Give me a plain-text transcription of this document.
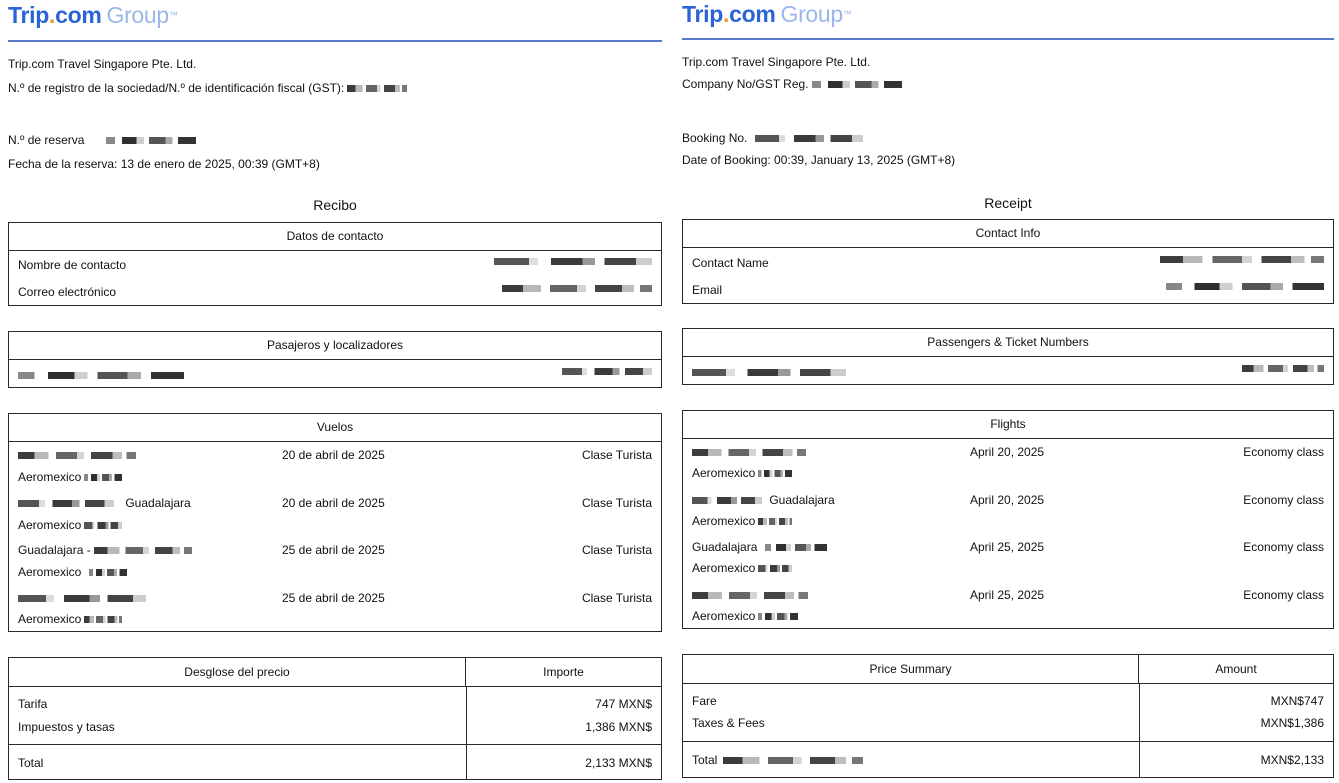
Trip.com Group™
Trip.com Travel Singapore Pte. Ltd.
N.º de registro de la sociedad/N.º de identificación fiscal (GST):
N.º de reserva
Fecha de la reserva: 13 de enero de 2025, 00:39 (GMT+8)
Recibo
Datos de contacto
Nombre de contacto
Correo electrónico
Pasajeros y localizadores
Vuelos
20 de abril de 2025	Clase Turista
Aeromexico
Guadalajara	20 de abril de 2025	Clase Turista
Aeromexico
Guadalajara -	25 de abril de 2025	Clase Turista
Aeromexico
25 de abril de 2025	Clase Turista
Aeromexico
Desglose del precio	Importe
Tarifa	747 MXN$
Impuestos y tasas	1,386 MXN$
Total	2,133 MXN$
Trip.com Group™
Trip.com Travel Singapore Pte. Ltd.
Company No/GST Reg.
Booking No.
Date of Booking: 00:39, January 13, 2025 (GMT+8)
Receipt
Contact Info
Contact Name
Email
Passengers & Ticket Numbers
Flights
April 20, 2025	Economy class
Aeromexico
Guadalajara	April 20, 2025	Economy class
Aeromexico
Guadalajara	April 25, 2025	Economy class
Aeromexico
April 25, 2025	Economy class
Aeromexico
Price Summary	Amount
Fare	MXN$747
Taxes & Fees	MXN$1,386
Total	MXN$2,133
